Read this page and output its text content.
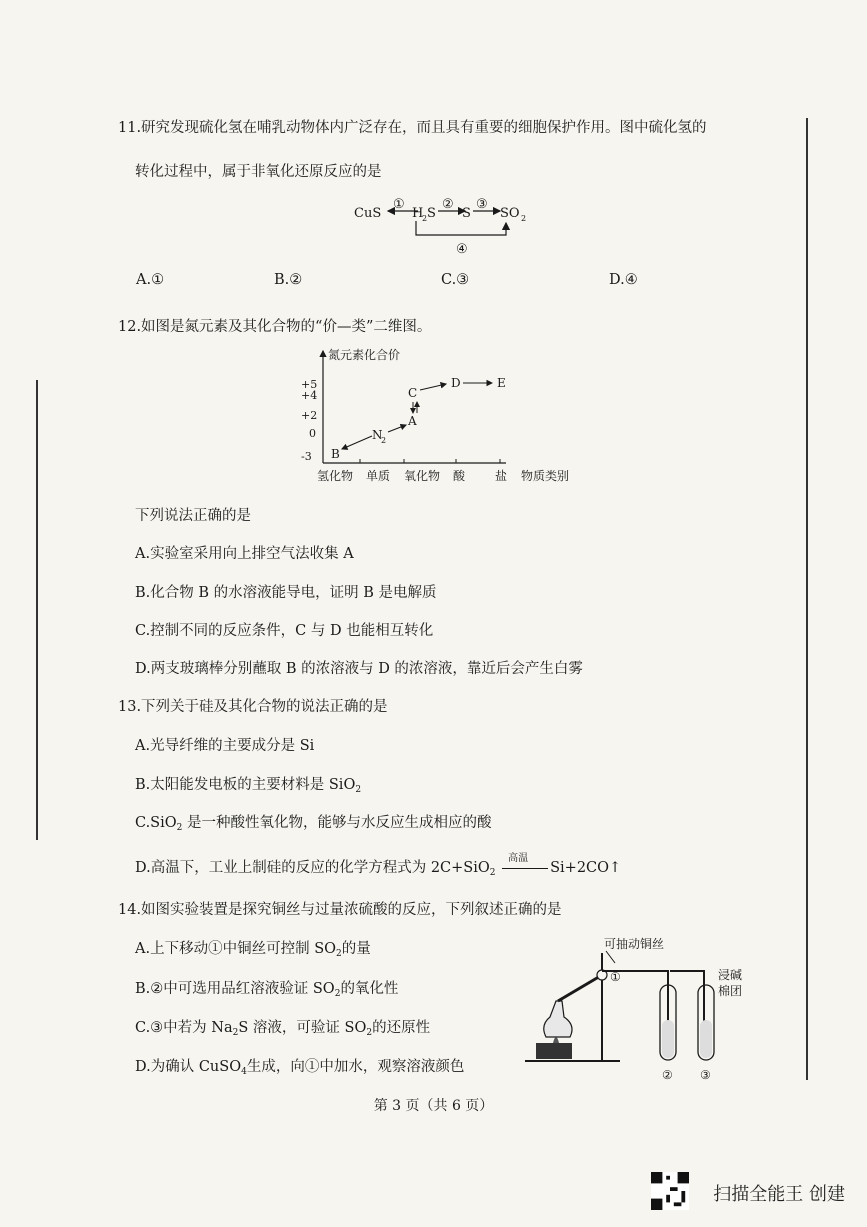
11.研究发现硫化氢在哺乳动物体内广泛存在，而且具有重要的细胞保护作用。图中硫化氢的
转化过程中，属于非氧化还原反应的是
CuS
①
H
2 S
②
S
③
SO 2
④
A.①	B.②	C.③	D.④
12.如图是氮元素及其化合物的“价—类”二维图。
氮元素化合价
+5
+4
+2
0
-3
氢化物 单质 氧化物 酸 盐 物质类别
B
N
2
A
C
D	E
下列说法正确的是
A.实验室采用向上排空气法收集 A
B.化合物 B 的水溶液能导电，证明 B 是电解质
C.控制不同的反应条件，C 与 D 也能相互转化
D.两支玻璃棒分别蘸取 B 的浓溶液与 D 的浓溶液，靠近后会产生白雾
13.下列关于硅及其化合物的说法正确的是
A.光导纤维的主要成分是 Si
B.太阳能发电板的主要材料是 SiO$_2$
C.SiO$_2$ 是一种酸性氧化物，能够与水反应生成相应的酸
D.高温下，工业上制硅的反应的化学方程式为 2C+SiO$_2$
高温
Si+2CO↑
14.如图实验装置是探究铜丝与过量浓硫酸的反应，下列叙述正确的是
A.上下移动①中铜丝可控制 $SO_2$的量
B.②中可选用品红溶液验证 $SO_2$的氧化性
C.③中若为 $Na_2S$ 溶液，可验证 $SO_2$的还原性
D.为确认 CuSO$_4$生成，向①中加水，观察溶液颜色
可抽动铜丝
①	浸碱
棉团
② ③
第 3 页（共 6 页）
扫描全能王 创建
